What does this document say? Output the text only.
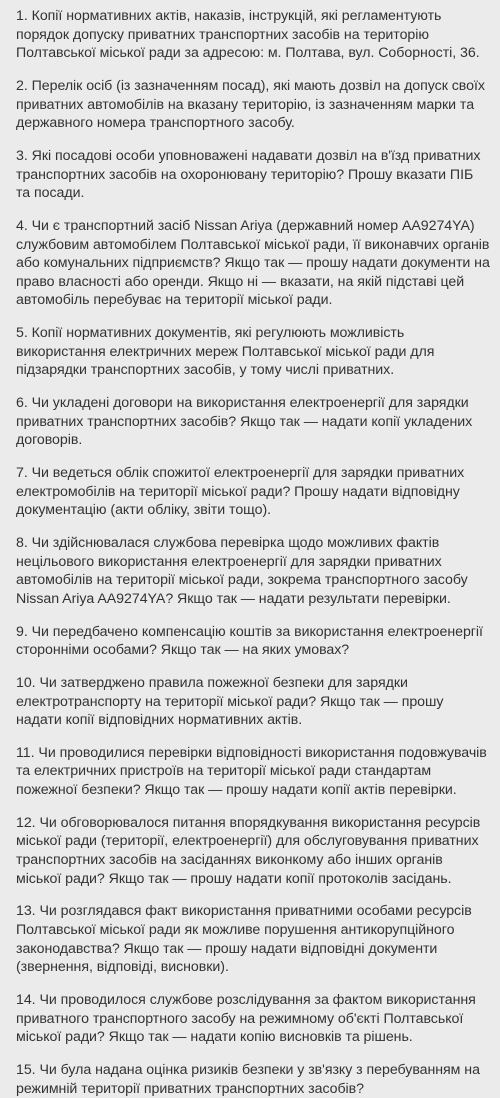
1. Копії нормативних актів, наказів, інструкцій, які регламентують порядок допуску приватних транспортних засобів на територію Полтавської міської ради за адресою: м. Полтава, вул. Соборності, 36.

2. Перелік осіб (із зазначенням посад), які мають дозвіл на допуск своїх приватних автомобілів на вказану територію, із зазначенням марки та державного номера транспортного засобу.

3. Які посадові особи уповноважені надавати дозвіл на в'їзд приватних транспортних засобів на охоронювану територію? Прошу вказати ПІБ та посади.

4. Чи є транспортний засіб Nissan Ariya (державний номер AA9274YA) службовим автомобілем Полтавської міської ради, її виконавчих органів або комунальних підприємств? Якщо так — прошу надати документи на право власності або оренди. Якщо ні — вказати, на якій підставі цей автомобіль перебуває на території міської ради.

5. Копії нормативних документів, які регулюють можливість використання електричних мереж Полтавської міської ради для підзарядки транспортних засобів, у тому числі приватних.

6. Чи укладені договори на використання електроенергії для зарядки приватних транспортних засобів? Якщо так — надати копії укладених договорів.

7. Чи ведеться облік спожитої електроенергії для зарядки приватних електромобілів на території міської ради? Прошу надати відповідну документацію (акти обліку, звіти тощо).

8. Чи здійснювалася службова перевірка щодо можливих фактів нецільового використання електроенергії для зарядки приватних автомобілів на території міської ради, зокрема транспортного засобу Nissan Ariya AA9274YA? Якщо так — надати результати перевірки.

9. Чи передбачено компенсацію коштів за використання електроенергії сторонніми особами? Якщо так — на яких умовах?

10. Чи затверджено правила пожежної безпеки для зарядки електротранспорту на території міської ради? Якщо так — прошу надати копії відповідних нормативних актів.

11. Чи проводилися перевірки відповідності використання подовжувачів та електричних пристроїв на території міської ради стандартам пожежної безпеки? Якщо так — прошу надати копії актів перевірки.

12. Чи обговорювалося питання впорядкування використання ресурсів міської ради (території, електроенергії) для обслуговування приватних транспортних засобів на засіданнях виконкому або інших органів міської ради? Якщо так — прошу надати копії протоколів засідань.

13. Чи розглядався факт використання приватними особами ресурсів Полтавської міської ради як можливе порушення антикорупційного законодавства? Якщо так — прошу надати відповідні документи (звернення, відповіді, висновки).

14. Чи проводилося службове розслідування за фактом використання приватного транспортного засобу на режимному об'єкті Полтавської міської ради? Якщо так — надати копію висновків та рішень.

15. Чи була надана оцінка ризиків безпеки у зв'язку з перебуванням на режимній території приватних транспортних засобів?
